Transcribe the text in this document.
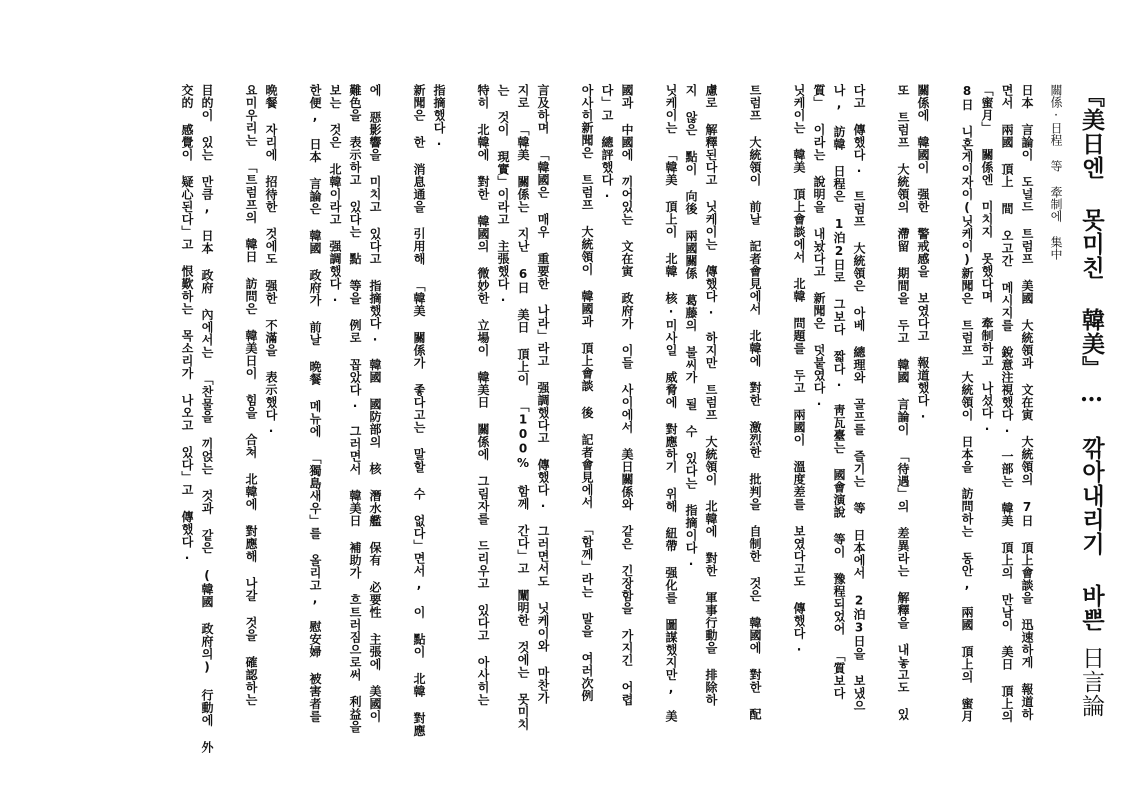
『美日엔 못미친 韓美』… 깎아내리기 바쁜日言論
關係·日程 等 牽制에 集中
日本 言論이 도널드 트럼프 美國 大統領과 文在寅 大統領의 7日 頂上會談을 迅速하게 報道하
면서 兩國 頂上 間 오고간 메시지를 銳意注視했다. 一部는 韓美 頂上의 만남이 美日 頂上의
「蜜月」 關係엔 미치지 못했다며 牽制하고 나섰다.
8日 니혼게이자이(닛케이)新聞은 트럼프 大統領이 日本을 訪問하는 동안, 兩國 頂上의 蜜月
關係에 韓國이 强한 警戒感을 보였다고 報道했다.
또 트럼프 大統領의 滯留 期間을 두고 韓國 言論이 「待遇」의 差異라는 解釋을 내놓고도 있
다고 傳했다. 트럼프 大統領은 아베 總理와 골프를 즐기는 等 日本에서 2泊3日을 보냈으
나, 訪韓 日程은 1泊2日로 그보다 짧다. 靑瓦臺는 國會演說 等이 豫程되었어 「質보다
質」 이라는 說明을 내놨다고 新聞은 덧붙였다.
닛케이는 韓美 頂上會談에서 北韓 問題를 두고 兩國이 溫度差를 보였다고도 傳했다.
트럼프 大統領이 前날 記者會見에서 北韓에 對한 激烈한 批判을 自制한 것은 韓國에 對한 配
慮로 解釋된다고 닛케이는 傳했다. 하지만 트럼프 大統領이 北韓에 對한 軍事行動을 排除하
지 않은 點이 向後 兩國關係 葛藤의 불씨가 될 수 있다는 指摘이다.
닛케이는 「韓美 頂上이 北韓 核·미사일 威脅에 對應하기 위해 紐帶 强化를 圖謀했지만, 美
國과 中國에 끼어있는 文在寅 政府가 이들 사이에서 美日關係와 같은 긴장함을 가지긴 어렵
다」고 總評했다.
아사히新聞은 트럼프 大統領이 韓國과 頂上會談 後 記者會見에서 「함께」라는 말을 여러次例
言及하며 「韓國은 매우 重要한 나라」라고 强調했다고 傳했다. 그러면서도 닛케이와 마찬가
지로 「韓美 關係는 지난 6日 美日 頂上이 「100% 함께 간다」고 闡明한 것에는 못미치
는 것이 現實」이라고 主張했다.
特히 北韓에 對한 韓國의 微妙한 立場이 韓美日 關係에 그림자를 드리우고 있다고 아사히는
指摘했다.
新聞은 한 消息通을 引用해 「韓美 關係가 좋다고는 말할 수 없다」면서, 이 點이 北韓 對應
에 惡影響을 미치고 있다고 指摘했다. 韓國 國防部의 核 潛水艦 保有 必要性 主張에 美國이
難色을 表示하고 있다는 點 等을 例로 꼽았다. 그러면서 韓美日 補助가 흐트러짐으로써 利益을
보는 것은 北韓이라고 强調했다.
한便, 日本 言論은 韓國 政府가 前날 晩餐 메뉴에 「獨島새우」를 올리고, 慰安婦 被害者를
晩餐 자리에 招待한 것에도 强한 不滿을 表示했다.
요미우리는 「트럼프의 韓日 訪問은 韓美日이 힘을 合쳐 北韓에 對應해 나갈 것을 確認하는
目的이 있는 만큼, 日本 政府 內에서는 「찬물을 끼얹는 것과 같은 (韓國 政府의) 行動에 外
交的 感覺이 疑心된다」고 恨歎하는 목소리가 나오고 있다」고 傳했다.
